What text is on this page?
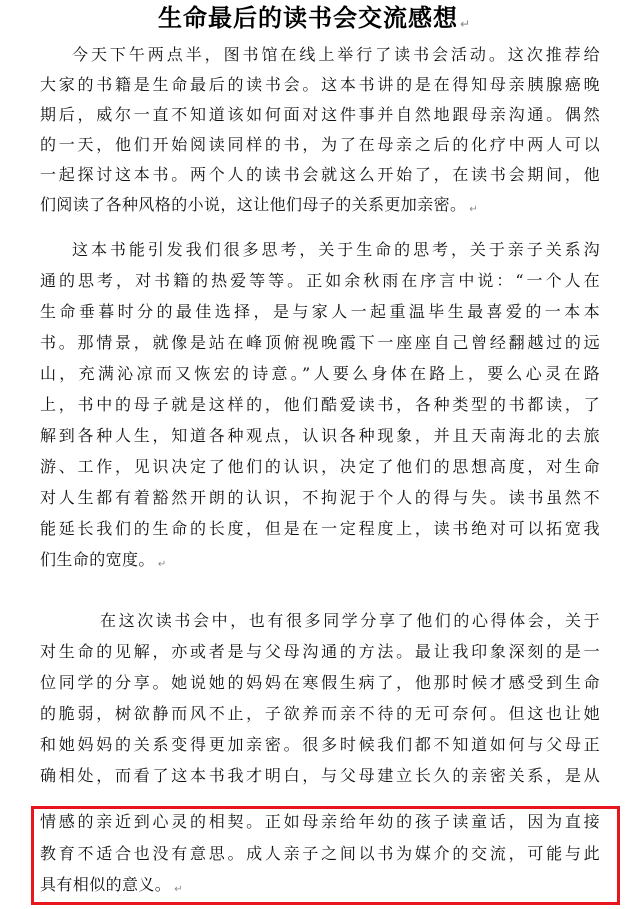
生命最后的读书会交流感想 ↵
今天下午两点半，图书馆在线上举行了读书会活动。这次推荐给
大家的书籍是生命最后的读书会。这本书讲的是在得知母亲胰腺癌晚
期后，威尔一直不知道该如何面对这件事并自然地跟母亲沟通。偶然
的一天，他们开始阅读同样的书，为了在母亲之后的化疗中两人可以
一起探讨这本书。两个人的读书会就这么开始了，在读书会期间，他
们阅读了各种风格的小说，这让他们母子的关系更加亲密。 ↵
这本书能引发我们很多思考，关于生命的思考，关于亲子关系沟
通的思考，对书籍的热爱等等。正如余秋雨在序言中说：“一个人在
生命垂暮时分的最佳选择，是与家人一起重温毕生最喜爱的一本本
书。那情景，就像是站在峰顶俯视晚霞下一座座自己曾经翻越过的远
山，充满沁凉而又恢宏的诗意。”人要么身体在路上，要么心灵在路
上，书中的母子就是这样的，他们酷爱读书，各种类型的书都读，了
解到各种人生，知道各种观点，认识各种现象，并且天南海北的去旅
游、工作，见识决定了他们的认识，决定了他们的思想高度，对生命
对人生都有着豁然开朗的认识，不拘泥于个人的得与失。读书虽然不
能延长我们的生命的长度，但是在一定程度上，读书绝对可以拓宽我
们生命的宽度。 ↵
在这次读书会中，也有很多同学分享了他们的心得体会，关于
对生命的见解，亦或者是与父母沟通的方法。最让我印象深刻的是一
位同学的分享。她说她的妈妈在寒假生病了，他那时候才感受到生命
的脆弱，树欲静而风不止，子欲养而亲不待的无可奈何。但这也让她
和她妈妈的关系变得更加亲密。很多时候我们都不知道如何与父母正
确相处，而看了这本书我才明白，与父母建立长久的亲密关系，是从
情感的亲近到心灵的相契。正如母亲给年幼的孩子读童话，因为直接
教育不适合也没有意思。成人亲子之间以书为媒介的交流，可能与此
具有相似的意义。 ↵
